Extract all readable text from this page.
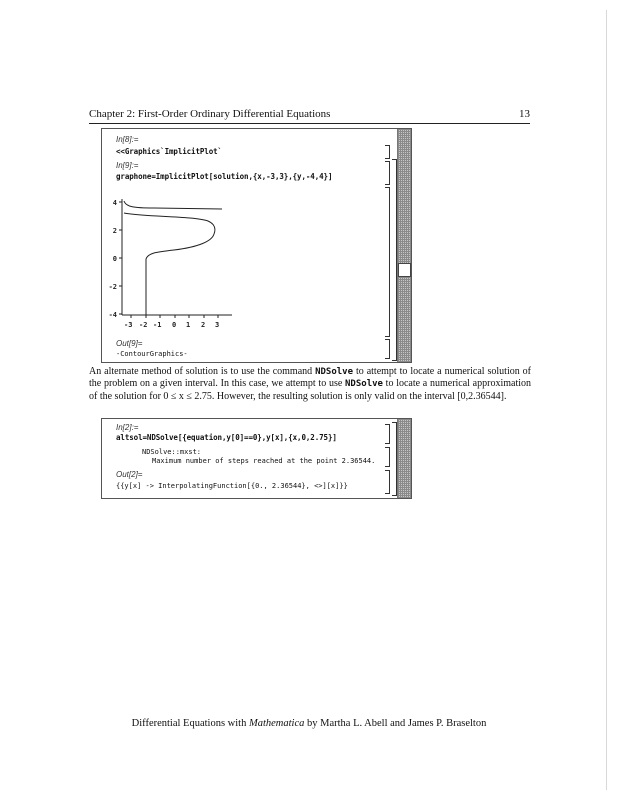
Chapter 2: First-Order Ordinary Differential Equations	13
In[8]:=
<<Graphics`ImplicitPlot`
In[9]:=
graphone=ImplicitPlot[solution,{x,-3,3},{y,-4,4}]
4
2
0
-2
-4
-3 -2 -1 0 1 2 3
Out[9]=
-ContourGraphics-

An alternate method of solution is to use the command NDSolve to attempt to locate a numerical solution of the problem on a given interval. In this case, we attempt to use NDSolve to locate a numerical approximation of the solution for 0 ≤ x ≤ 2.75. However, the resulting solution is only valid on the interval [0,2.36544].

In[2]:=
altsol=NDSolve[{equation,y[0]==0},y[x],{x,0,2.75}]
NDSolve::mxst:
Maximum number of steps reached at the point 2.36544.
Out[2]=
{{y[x] -> InterpolatingFunction[{0., 2.36544}, <>][x]}}
Differential Equations with Mathematica by Martha L. Abell and James P. Braselton
